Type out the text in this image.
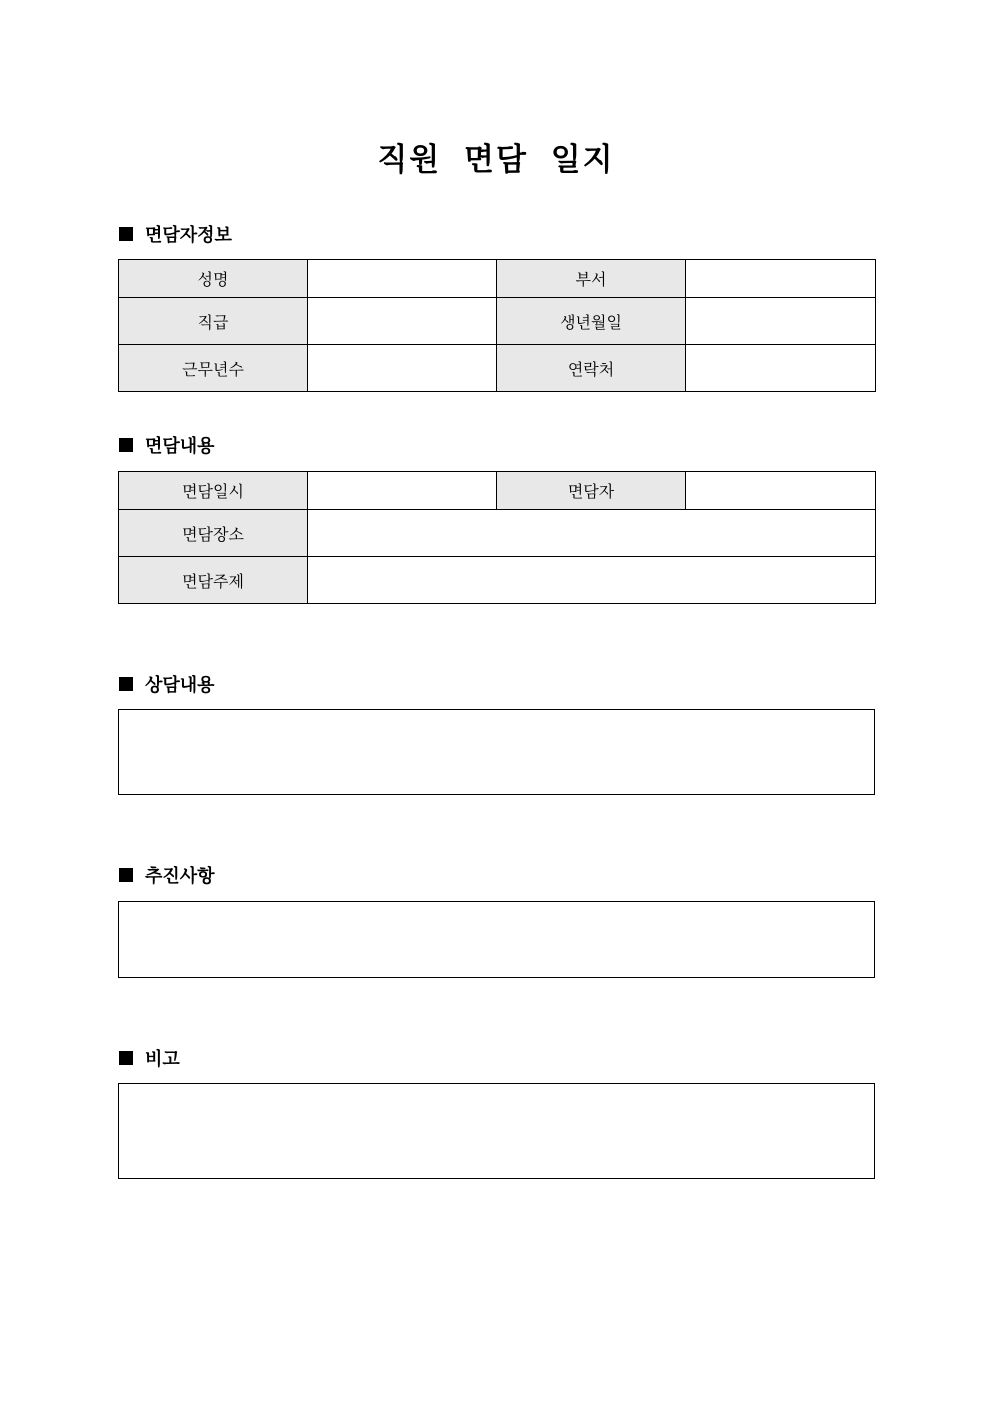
직원 면담 일지
면담자정보
성명		부서	
직급		생년월일	
근무년수		연락처	
면담내용
면담일시		면담자	
면담장소			
면담주제			
상담내용
추진사항
비고
